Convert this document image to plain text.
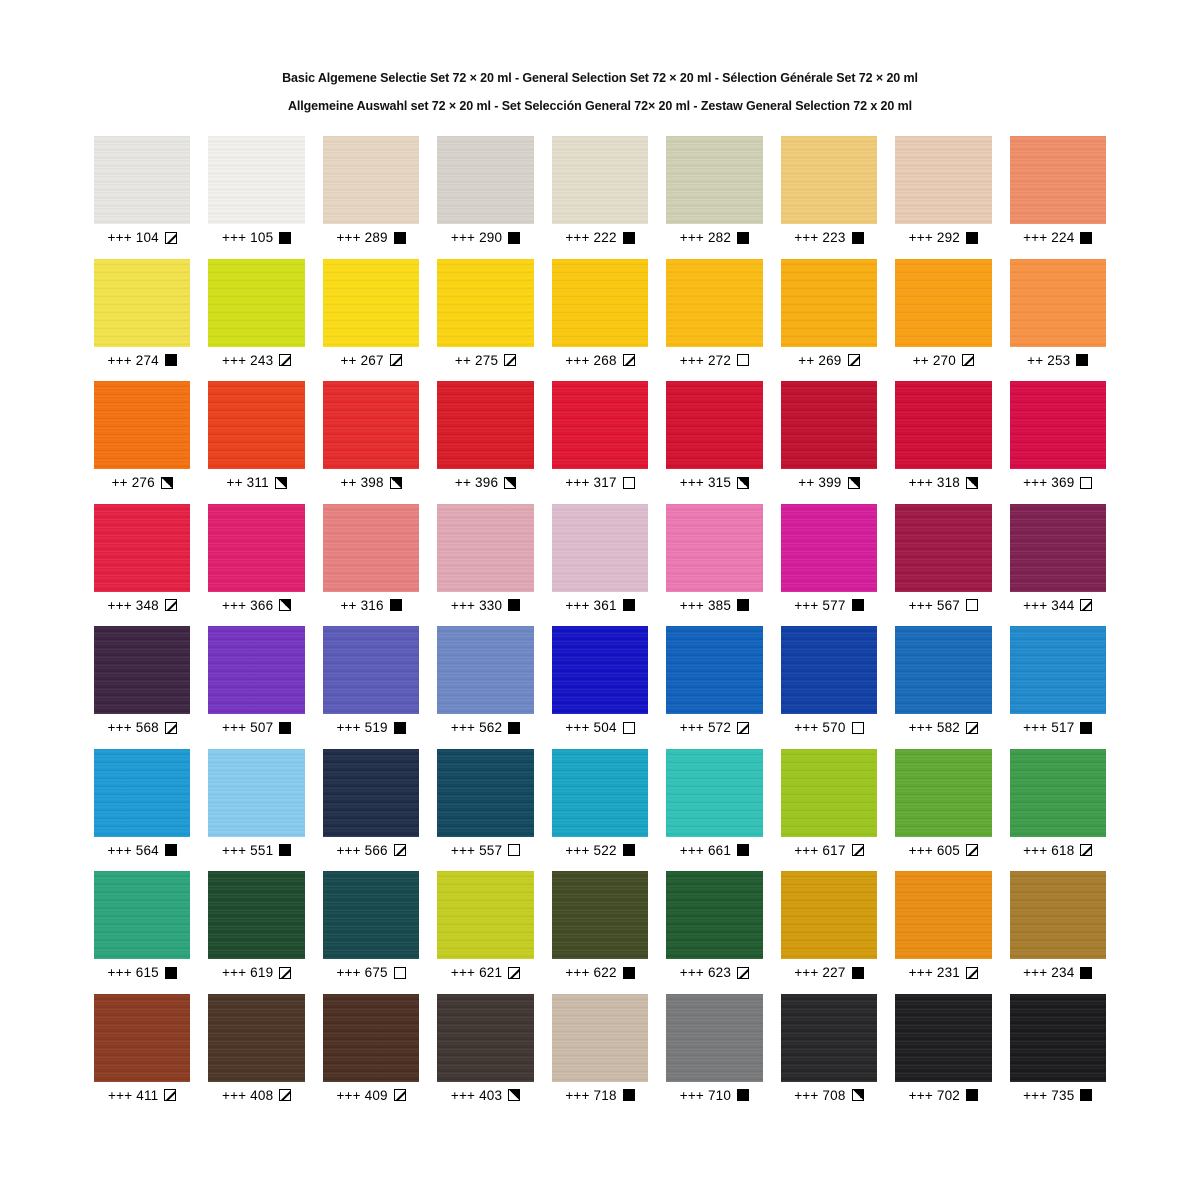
Basic Algemene Selectie Set 72 × 20 ml - General Selection Set 72 × 20 ml - Sélection Générale Set 72 × 20 ml
Allgemeine Auswahl set 72 × 20 ml - Set Selección General 72× 20 ml - Zestaw General Selection 72 x 20 ml
+++ 104	+++ 105	+++ 289	+++ 290	+++ 222	+++ 282	+++ 223	+++ 292	+++ 224
+++ 274	+++ 243	++ 267	++ 275	+++ 268	+++ 272	++ 269	++ 270	++ 253
++ 276	++ 311	++ 398	++ 396	+++ 317	+++ 315	++ 399	+++ 318	+++ 369
+++ 348	+++ 366	++ 316	+++ 330	+++ 361	+++ 385	+++ 577	+++ 567	+++ 344
+++ 568	+++ 507	+++ 519	+++ 562	+++ 504	+++ 572	+++ 570	+++ 582	+++ 517
+++ 564	+++ 551	+++ 566	+++ 557	+++ 522	+++ 661	+++ 617	+++ 605	+++ 618
+++ 615	+++ 619	+++ 675	+++ 621	+++ 622	+++ 623	+++ 227	+++ 231	+++ 234
+++ 411	+++ 408	+++ 409	+++ 403	+++ 718	+++ 710	+++ 708	+++ 702	+++ 735
